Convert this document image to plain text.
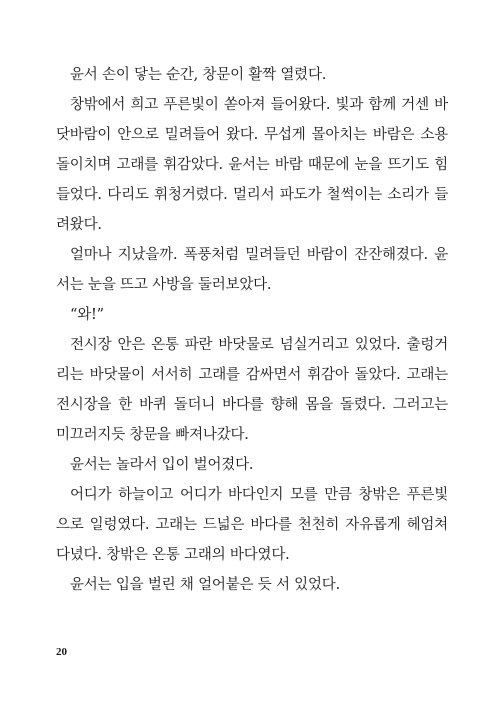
윤서 손이 닿는 순간, 창문이 활짝 열렸다.
창밖에서 희고 푸른빛이 쏟아져 들어왔다. 빛과 함께 거센 바
닷바람이 안으로 밀려들어 왔다. 무섭게 몰아치는 바람은 소용
돌이치며 고래를 휘감았다. 윤서는 바람 때문에 눈을 뜨기도 힘
들었다. 다리도 휘청거렸다. 멀리서 파도가 철썩이는 소리가 들
려왔다.
얼마나 지났을까. 폭풍처럼 밀려들던 바람이 잔잔해졌다. 윤
서는 눈을 뜨고 사방을 둘러보았다.
“와!”
전시장 안은 온통 파란 바닷물로 넘실거리고 있었다. 출렁거
리는 바닷물이 서서히 고래를 감싸면서 휘감아 돌았다. 고래는
전시장을 한 바퀴 돌더니 바다를 향해 몸을 돌렸다. 그러고는
미끄러지듯 창문을 빠져나갔다.
윤서는 놀라서 입이 벌어졌다.
어디가 하늘이고 어디가 바다인지 모를 만큼 창밖은 푸른빛
으로 일렁였다. 고래는 드넓은 바다를 천천히 자유롭게 헤엄쳐
다녔다. 창밖은 온통 고래의 바다였다.
윤서는 입을 벌린 채 얼어붙은 듯 서 있었다.
20
